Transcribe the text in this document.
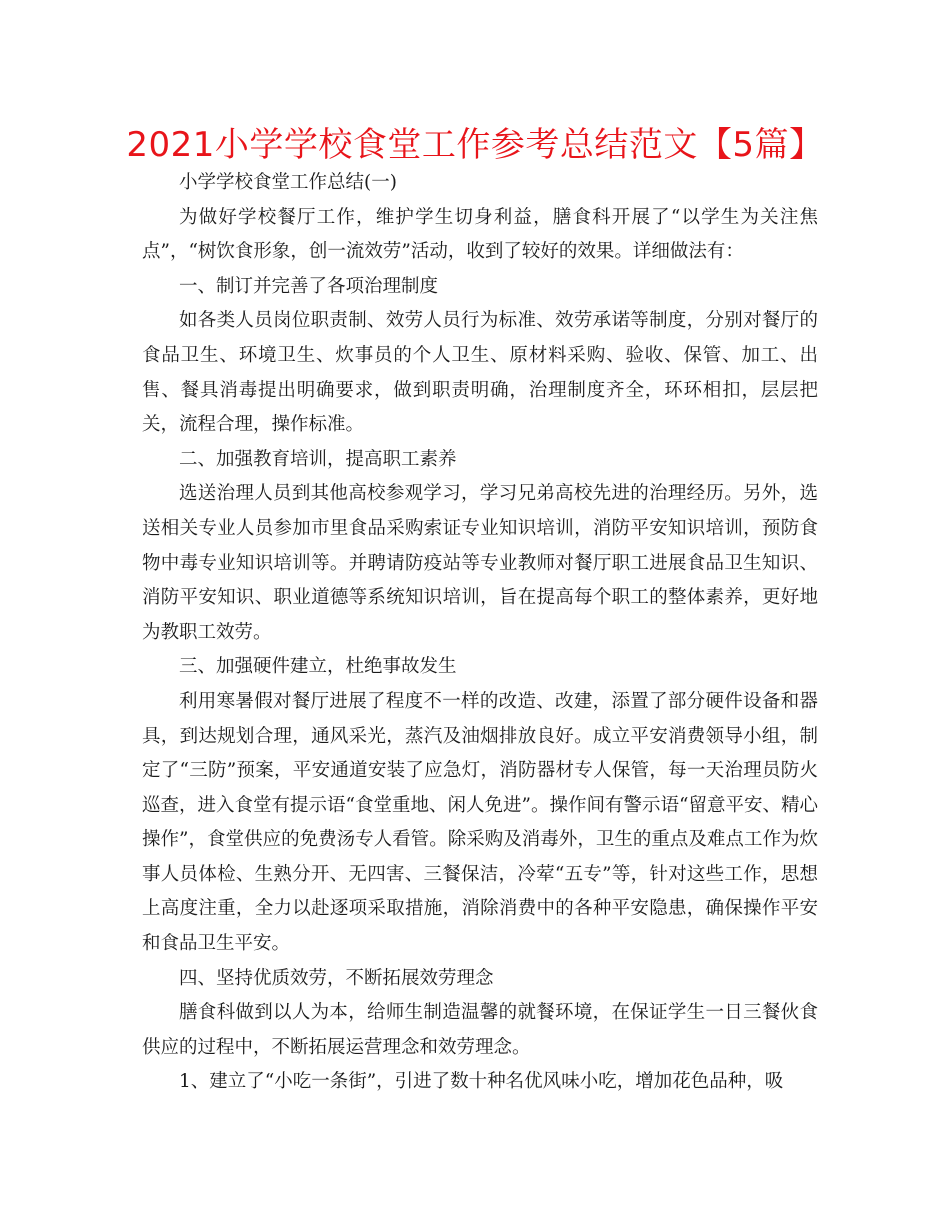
2021小学学校食堂工作参考总结范文【5篇】

小学学校食堂工作总结(一)

为做好学校餐厅工作，维护学生切身利益，膳食科开展了“以学生为关注焦点”，“树饮食形象，创一流效劳”活动，收到了较好的效果。详细做法有：

一、制订并完善了各项治理制度

如各类人员岗位职责制、效劳人员行为标准、效劳承诺等制度，分别对餐厅的食品卫生、环境卫生、炊事员的个人卫生、原材料采购、验收、保管、加工、出售、餐具消毒提出明确要求，做到职责明确，治理制度齐全，环环相扣，层层把关，流程合理，操作标准。

二、加强教育培训，提高职工素养

选送治理人员到其他高校参观学习，学习兄弟高校先进的治理经历。另外，选送相关专业人员参加市里食品采购索证专业知识培训，消防平安知识培训，预防食物中毒专业知识培训等。并聘请防疫站等专业教师对餐厅职工进展食品卫生知识、消防平安知识、职业道德等系统知识培训，旨在提高每个职工的整体素养，更好地为教职工效劳。

三、加强硬件建立，杜绝事故发生

利用寒暑假对餐厅进展了程度不一样的改造、改建，添置了部分硬件设备和器具，到达规划合理，通风采光，蒸汽及油烟排放良好。成立平安消费领导小组，制定了“三防”预案，平安通道安装了应急灯，消防器材专人保管，每一天治理员防火巡查，进入食堂有提示语“食堂重地、闲人免进”。操作间有警示语“留意平安、精心操作”，食堂供应的免费汤专人看管。除采购及消毒外，卫生的重点及难点工作为炊事人员体检、生熟分开、无四害、三餐保洁，冷荤“五专”等，针对这些工作，思想上高度注重，全力以赴逐项采取措施，消除消费中的各种平安隐患，确保操作平安和食品卫生平安。

四、坚持优质效劳，不断拓展效劳理念

膳食科做到以人为本，给师生制造温馨的就餐环境，在保证学生一日三餐伙食供应的过程中，不断拓展运营理念和效劳理念。

1、建立了“小吃一条街”，引进了数十种名优风味小吃，增加花色品种，吸
